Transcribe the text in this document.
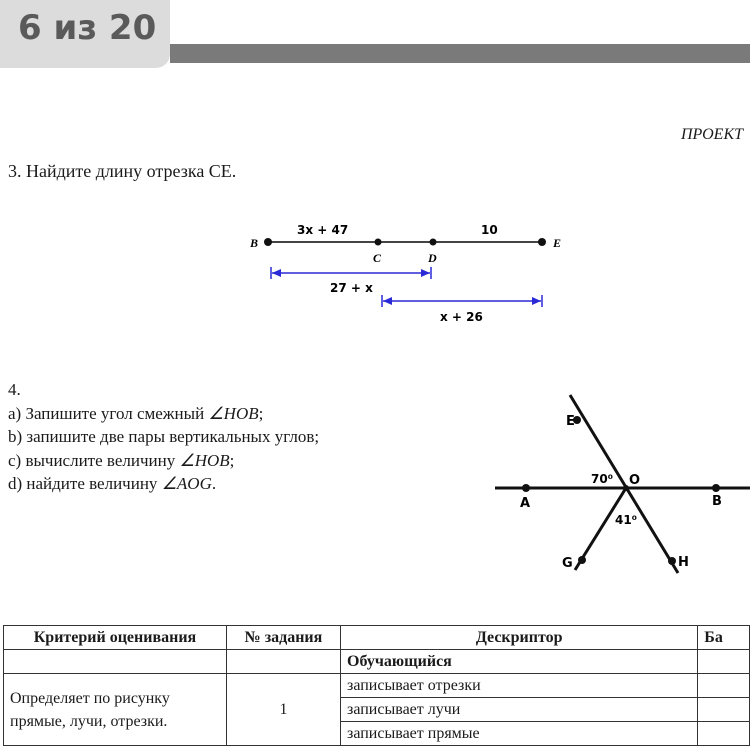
6 из 20
ПРОЕКТ
3. Найдите длину отрезка CE.
B
C	D
E
3x + 47	10
27 + x
x + 26
4.
a) Запишите угол смежный ∠HOB;
b) запишите две пары вертикальных углов;
c) вычислите величину ∠HOB;
d) найдите величину ∠AOG.
E
O
A	B
G	H
70⁰
41⁰
Критерий оценивания	№ задания	Дескриптор	Ба
		Обучающийся	
Определяет по рисунку прямые, лучи, отрезки.	1	записывает отрезки	
		записывает лучи	
		записывает прямые	
